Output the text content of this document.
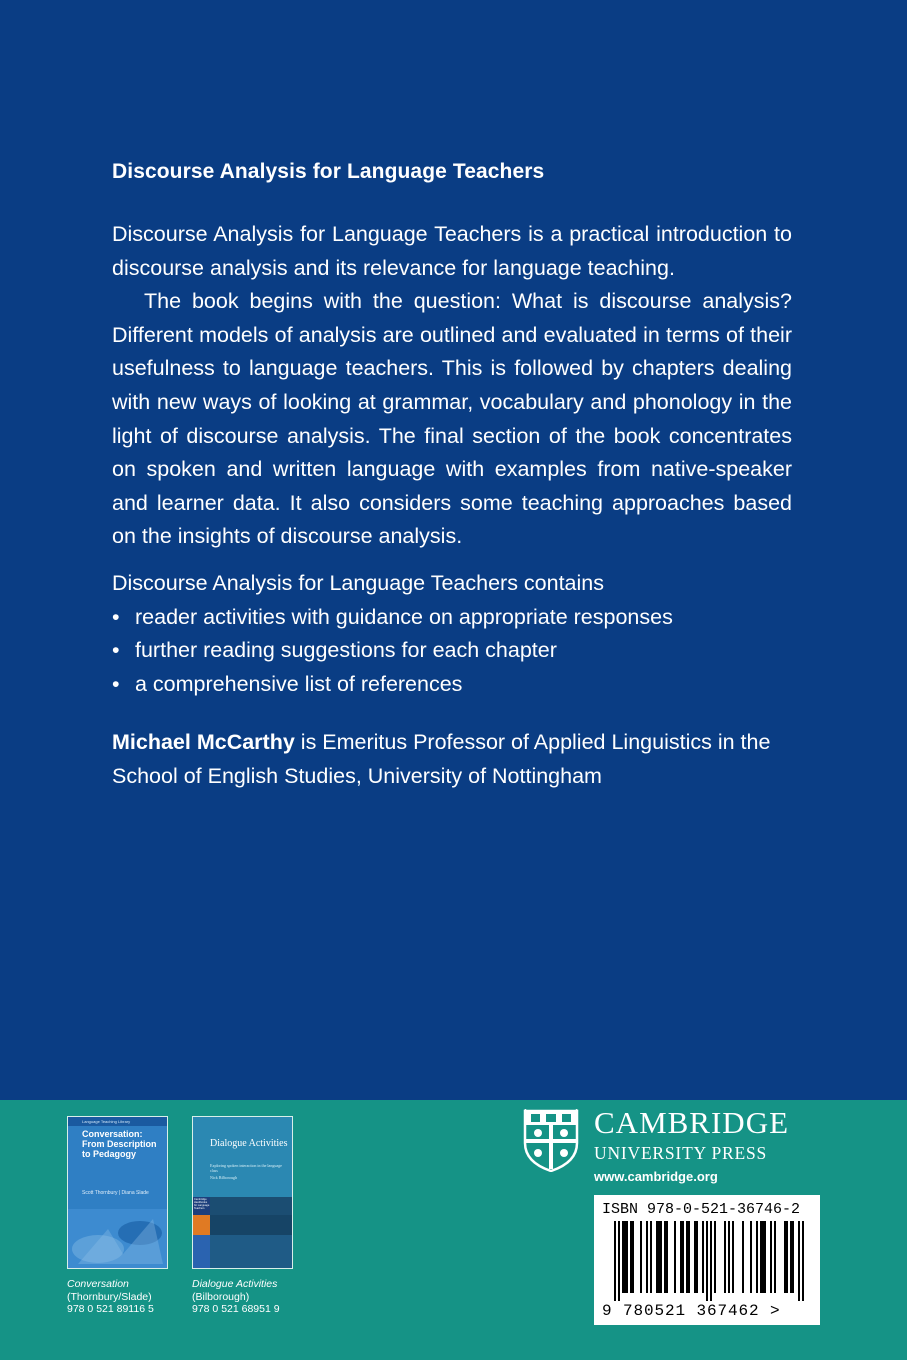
Discourse Analysis for Language Teachers

Discourse Analysis for Language Teachers is a practical introduction to discourse analysis and its relevance for language teaching.

The book begins with the question: What is discourse analysis? Different models of analysis are outlined and evaluated in terms of their usefulness to language teachers. This is followed by chapters dealing with new ways of looking at grammar, vocabulary and phonology in the light of discourse analysis. The final section of the book concentrates on spoken and written language with examples from native-speaker and learner data. It also considers some teaching approaches based on the insights of discourse analysis.

Discourse Analysis for Language Teachers contains
• reader activities with guidance on appropriate responses
• further reading suggestions for each chapter
• a comprehensive list of references
Michael McCarthy is Emeritus Professor of Applied Linguistics in the School of English Studies, University of Nottingham
Language Teaching Library
Conversation: From Description to Pedagogy
Scott Thornbury | Diana Slade
Dialogue Activities
Exploring spoken interaction in the language class
Nick Bilborough
Cambridge Handbooks for Language Teachers
Conversation
(Thornbury/Slade)
978 0 521 89116 5
Dialogue Activities
(Bilborough)
978 0 521 68951 9
CAMBRIDGE
UNIVERSITY PRESS
www.cambridge.org
ISBN 978-0-521-36746-2
9 780521 367462 >
